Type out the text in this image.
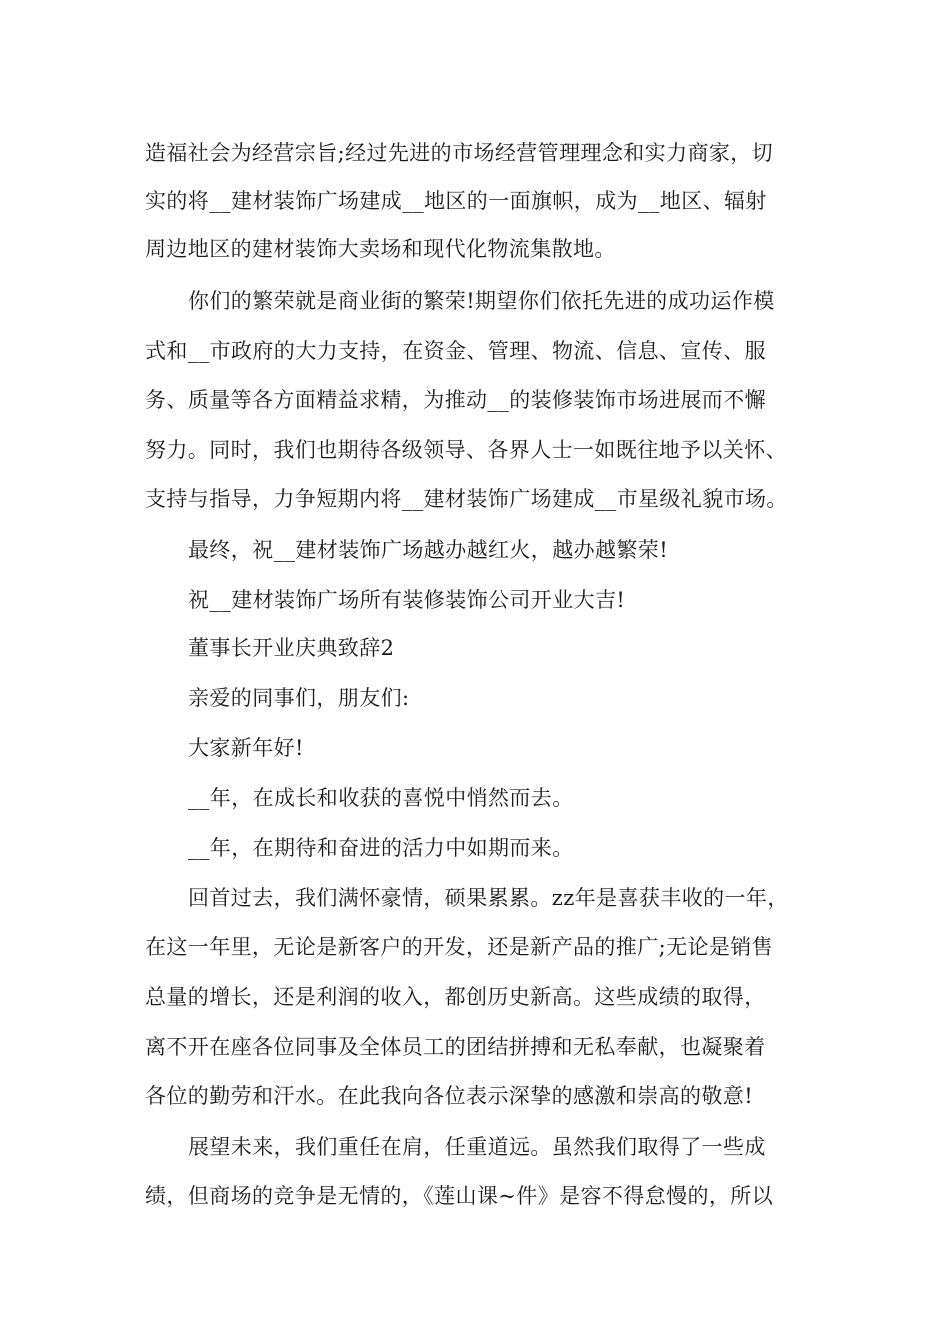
造福社会为经营宗旨;经过先进的市场经营管理理念和实力商家，切
实的将__建材装饰广场建成__地区的一面旗帜，成为__地区、辐射
周边地区的建材装饰大卖场和现代化物流集散地。
你们的繁荣就是商业街的繁荣!期望你们依托先进的成功运作模
式和__市政府的大力支持，在资金、管理、物流、信息、宣传、服
务、质量等各方面精益求精，为推动__的装修装饰市场进展而不懈
努力。同时，我们也期待各级领导、各界人士一如既往地予以关怀、
支持与指导，力争短期内将__建材装饰广场建成__市星级礼貌市场。
最终，祝__建材装饰广场越办越红火，越办越繁荣!
祝__建材装饰广场所有装修装饰公司开业大吉!
董事长开业庆典致辞2
亲爱的同事们，朋友们:
大家新年好!
__年，在成长和收获的喜悦中悄然而去。
__年，在期待和奋进的活力中如期而来。
回首过去，我们满怀豪情，硕果累累。zz年是喜获丰收的一年，
在这一年里，无论是新客户的开发，还是新产品的推广;无论是销售
总量的增长，还是利润的收入，都创历史新高。这些成绩的取得，
离不开在座各位同事及全体员工的团结拼搏和无私奉献，也凝聚着
各位的勤劳和汗水。在此我向各位表示深挚的感激和崇高的敬意!
展望未来，我们重任在肩，任重道远。虽然我们取得了一些成
绩，但商场的竞争是无情的，《莲山课~件》是容不得怠慢的，所以
